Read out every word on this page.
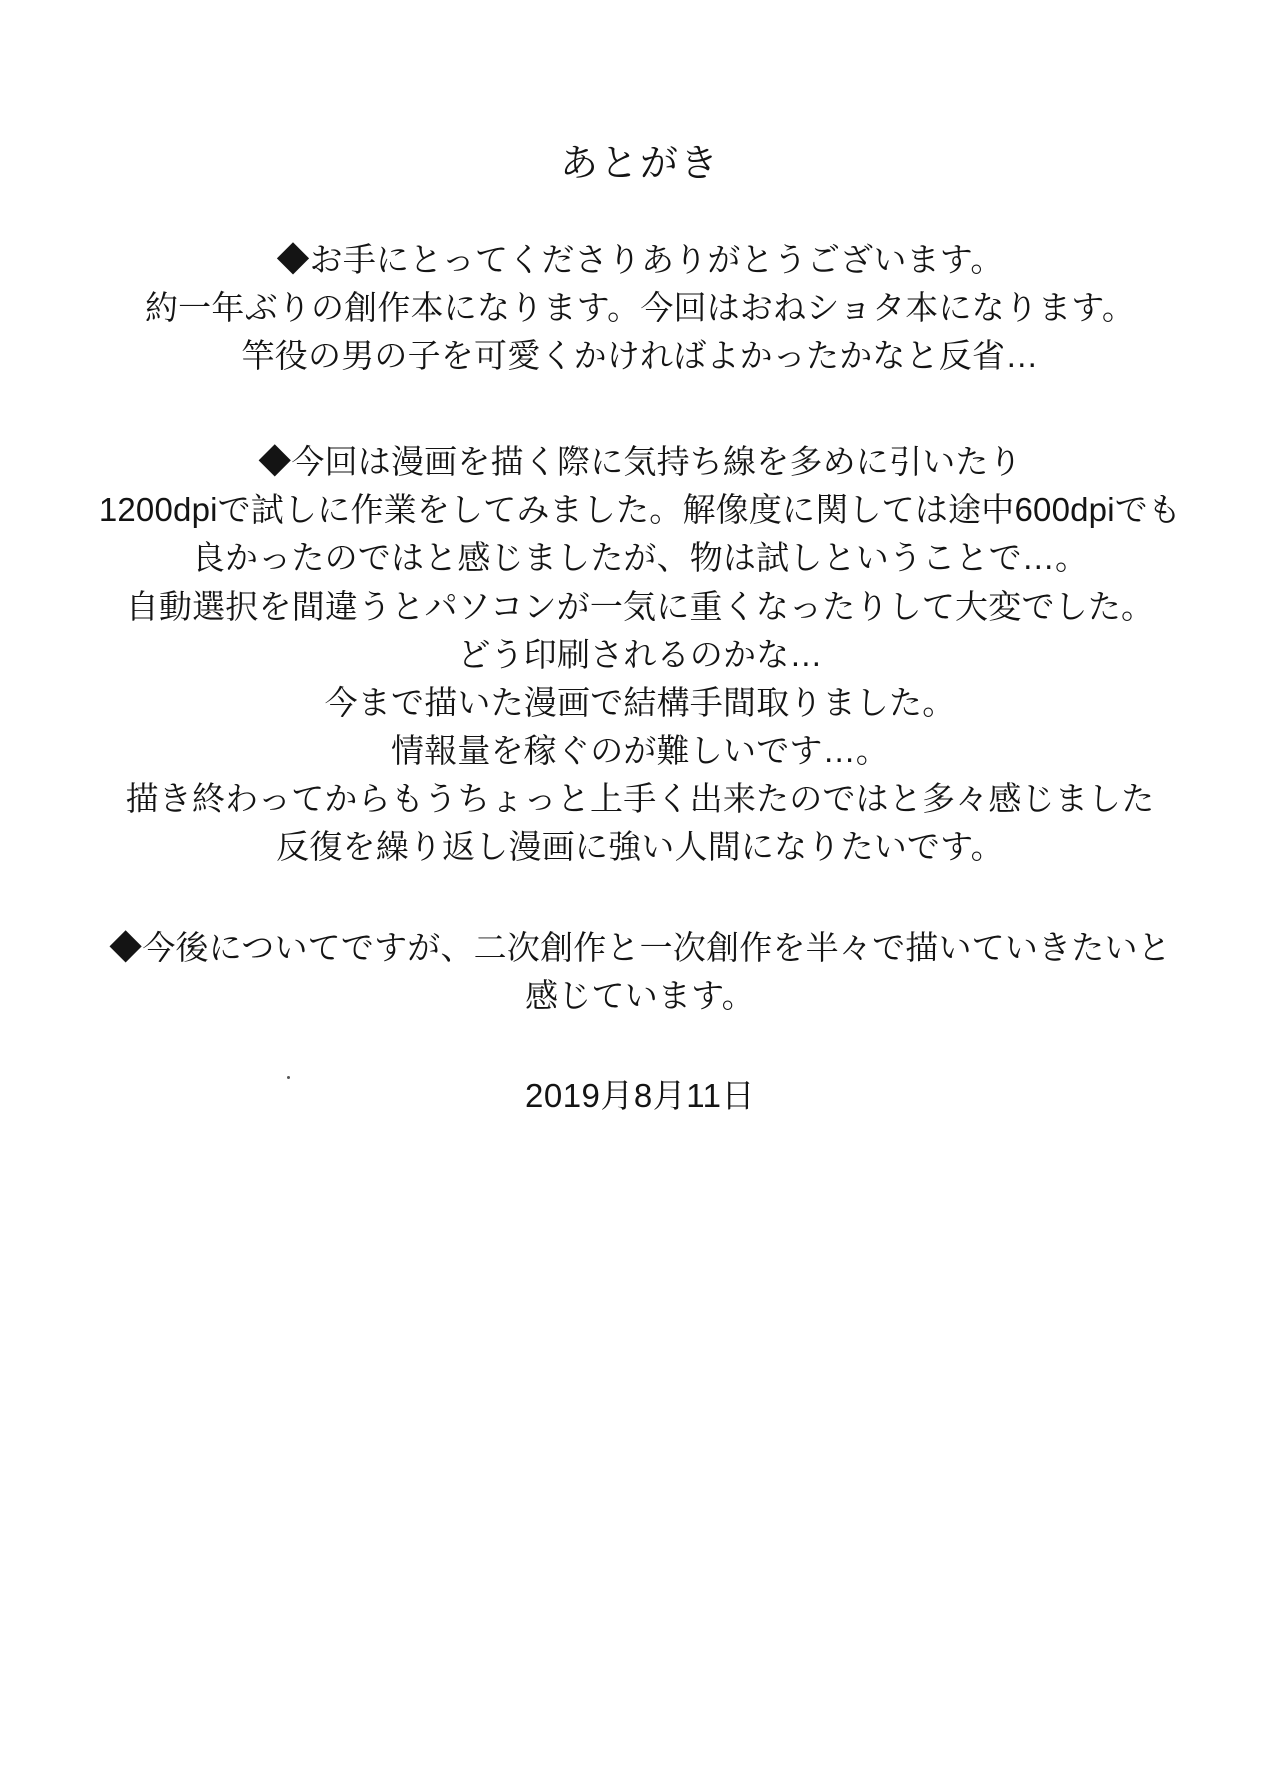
あとがき

◆お手にとってくださりありがとうございます。

約一年ぶりの創作本になります。今回はおねショタ本になります。

竿役の男の子を可愛くかければよかったかなと反省…

◆今回は漫画を描く際に気持ち線を多めに引いたり

1200dpiで試しに作業をしてみました。解像度に関しては途中600dpiでも

良かったのではと感じましたが、物は試しということで…。

自動選択を間違うとパソコンが一気に重くなったりして大変でした。

どう印刷されるのかな…

今まで描いた漫画で結構手間取りました。

情報量を稼ぐのが難しいです…。

描き終わってからもうちょっと上手く出来たのではと多々感じました

反復を繰り返し漫画に強い人間になりたいです。

◆今後についてですが、二次創作と一次創作を半々で描いていきたいと

感じています。

2019月8月11日
